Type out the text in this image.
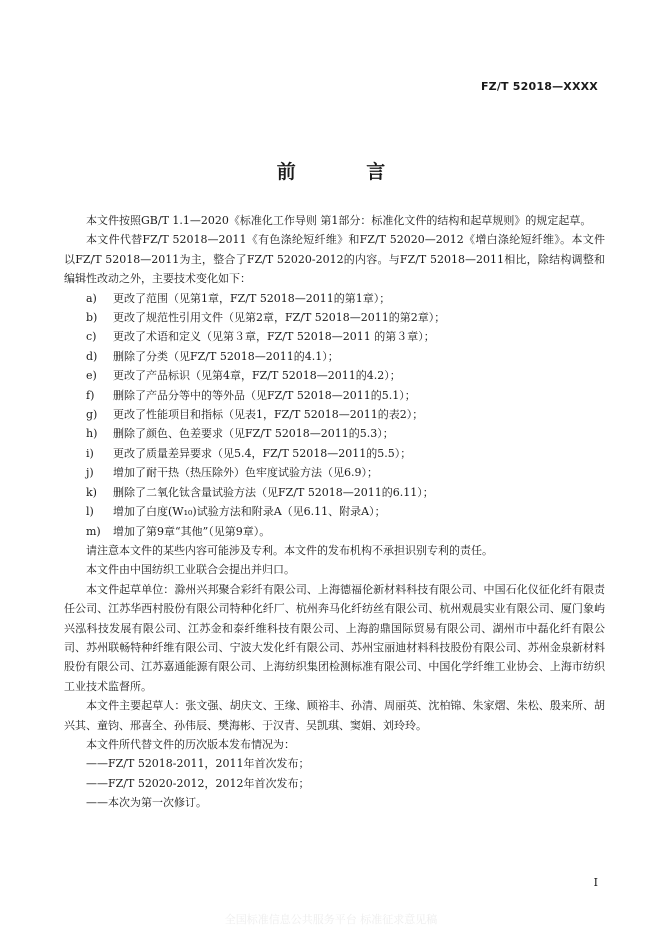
FZ/T 52018—XXXX
前 言

本文件按照GB/T 1.1—2020《标准化工作导则 第1部分：标准化文件的结构和起草规则》的规定起草。

本文件代替FZ/T 52018—2011《有色涤纶短纤维》和FZ/T 52020—2012《增白涤纶短纤维》。本文件以FZ/T 52018—2011为主，整合了FZ/T 52020-2012的内容。与FZ/T 52018—2011相比，除结构调整和编辑性改动之外，主要技术变化如下：

a) 更改了范围（见第1章，FZ/T 52018—2011的第1章）；

b) 更改了规范性引用文件（见第2章，FZ/T 52018—2011的第2章）；

c) 更改了术语和定义（见第３章，FZ/T 52018—2011 的第３章）；

d) 删除了分类（见FZ/T 52018—2011的4.1）；

e) 更改了产品标识（见第4章，FZ/T 52018—2011的4.2）；

f) 删除了产品分等中的等外品（见FZ/T 52018—2011的5.1）；

g) 更改了性能项目和指标（见表1，FZ/T 52018—2011的表2）；

h) 删除了颜色、色差要求（见FZ/T 52018—2011的5.3）；

i) 更改了质量差异要求（见5.4，FZ/T 52018—2011的5.5）；

j) 增加了耐干热（热压除外）色牢度试验方法（见6.9）；

k) 删除了二氧化钛含量试验方法（见FZ/T 52018—2011的6.11）；

l) 增加了白度(W₁₀)试验方法和附录A（见6.11、附录A）；

m) 增加了第9章“其他”（见第9章）。

请注意本文件的某些内容可能涉及专利。本文件的发布机构不承担识别专利的责任。

本文件由中国纺织工业联合会提出并归口。

本文件起草单位：滁州兴邦聚合彩纤有限公司、上海德福伦新材料科技有限公司、中国石化仪征化纤有限责任公司、江苏华西村股份有限公司特种化纤厂、杭州奔马化纤纺丝有限公司、杭州观晨实业有限公司、厦门象屿兴泓科技发展有限公司、江苏金和泰纤维科技有限公司、上海韵鼎国际贸易有限公司、湖州市中磊化纤有限公司、苏州联畅特种纤维有限公司、宁波大发化纤有限公司、苏州宝丽迪材料科技股份有限公司、苏州金泉新材料股份有限公司、江苏嘉通能源有限公司、上海纺织集团检测标准有限公司、中国化学纤维工业协会、上海市纺织工业技术监督所。

本文件主要起草人：张文强、胡庆文、王缘、顾裕丰、孙清、周丽英、沈柏锦、朱家熠、朱松、殷来所、胡兴其、童钧、邢喜全、孙伟辰、樊海彬、于汉青、吴凯琪、窦娟、刘玲玲。

本文件所代替文件的历次版本发布情况为：

——FZ/T 52018-2011，2011年首次发布；

——FZ/T 52020-2012，2012年首次发布；

——本次为第一次修订。

I
全国标准信息公共服务平台 标准征求意见稿
